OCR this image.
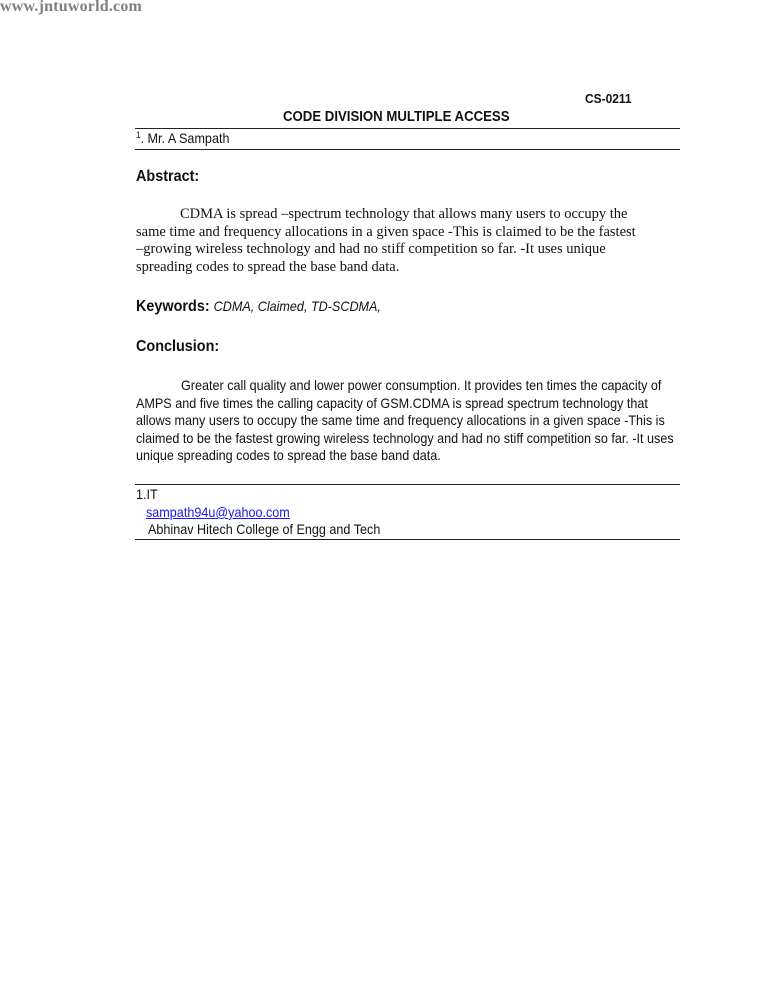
www.jntuworld.com
CS-0211
CODE DIVISION MULTIPLE ACCESS
$^1$. Mr. A Sampath
Abstract:
CDMA is spread –spectrum technology that allows many users to occupy the same time and frequency allocations in a given space -This is claimed to be the fastest –growing wireless technology and had no stiff competition so far. -It uses unique spreading codes to spread the base band data.
Keywords: CDMA, Claimed, TD-SCDMA,
Conclusion:
Greater call quality and lower power consumption. It provides ten times the capacity of AMPS and five times the calling capacity of GSM.CDMA is spread spectrum technology that allows many users to occupy the same time and frequency allocations in a given space -This is claimed to be the fastest growing wireless technology and had no stiff competition so far. -It uses unique spreading codes to spread the base band data.
1.IT
sampath94u@yahoo.com
Abhinav Hitech College of Engg and Tech
